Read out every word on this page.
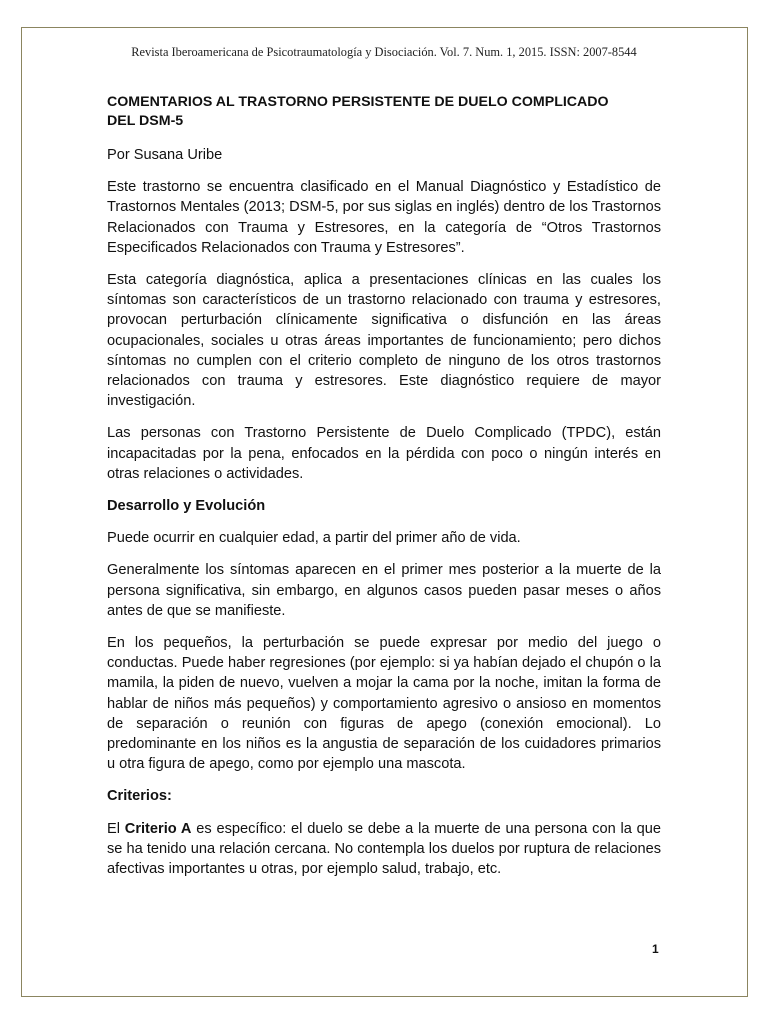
Revista Iberoamericana de Psicotraumatología y Disociación. Vol. 7. Num. 1, 2015. ISSN: 2007-8544
COMENTARIOS AL TRASTORNO PERSISTENTE DE DUELO COMPLICADO
DEL DSM-5

Por Susana Uribe

Este trastorno se encuentra clasificado en el Manual Diagnóstico y Estadístico de Trastornos Mentales (2013; DSM-5, por sus siglas en inglés) dentro de los Trastornos Relacionados con Trauma y Estresores, en la categoría de “Otros Trastornos Especificados Relacionados con Trauma y Estresores”.

Esta categoría diagnóstica, aplica a presentaciones clínicas en las cuales los síntomas son característicos de un trastorno relacionado con trauma y estresores, provocan perturbación clínicamente significativa o disfunción en las áreas ocupacionales, sociales u otras áreas importantes de funcionamiento; pero dichos síntomas no cumplen con el criterio completo de ninguno de los otros trastornos relacionados con trauma y estresores. Este diagnóstico requiere de mayor investigación.

Las personas con Trastorno Persistente de Duelo Complicado (TPDC), están incapacitadas por la pena, enfocados en la pérdida con poco o ningún interés en otras relaciones o actividades.

Desarrollo y Evolución

Puede ocurrir en cualquier edad, a partir del primer año de vida.

Generalmente los síntomas aparecen en el primer mes posterior a la muerte de la persona significativa, sin embargo, en algunos casos pueden pasar meses o años antes de que se manifieste.

En los pequeños, la perturbación se puede expresar por medio del juego o conductas. Puede haber regresiones (por ejemplo: si ya habían dejado el chupón o la mamila, la piden de nuevo, vuelven a mojar la cama por la noche, imitan la forma de hablar de niños más pequeños) y comportamiento agresivo o ansioso en momentos de separación o reunión con figuras de apego (conexión emocional). Lo predominante en los niños es la angustia de separación de los cuidadores primarios u otra figura de apego, como por ejemplo una mascota.

Criterios:

El Criterio A es específico: el duelo se debe a la muerte de una persona con la que se ha tenido una relación cercana. No contempla los duelos por ruptura de relaciones afectivas importantes u otras, por ejemplo salud, trabajo, etc.

1
